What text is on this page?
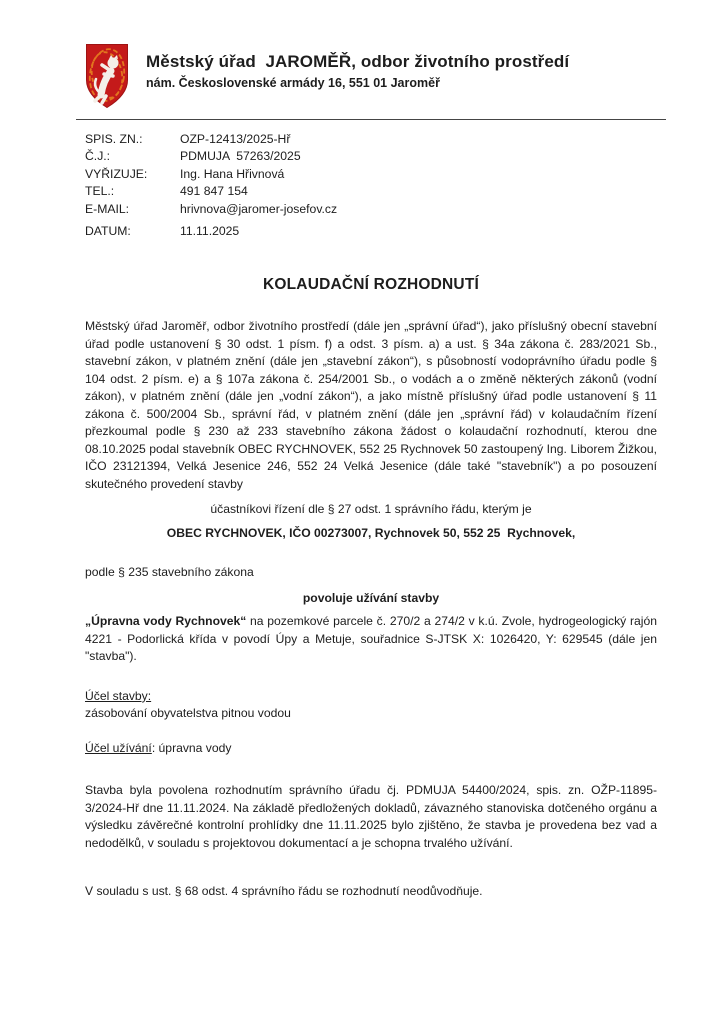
Městský úřad  JAROMĚŘ, odbor životního prostředí
nám. Československé armády 16, 551 01 Jaroměř
SPIS. ZN.:	OZP-12413/2025-Hř
Č.J.:	PDMUJA  57263/2025
VYŘIZUJE:	Ing. Hana Hřivnová
TEL.:	491 847 154
E-MAIL:	hrivnova@jaromer-josefov.cz
DATUM:	11.11.2025
KOLAUDAČNÍ ROZHODNUTÍ

Městský úřad Jaroměř, odbor životního prostředí (dále jen „správní úřad“), jako příslušný obecní stavební úřad podle ustanovení § 30 odst. 1 písm. f) a odst. 3 písm. a) a ust. § 34a zákona č. 283/2021 Sb., stavební zákon, v platném znění (dále jen „stavební zákon“), s působností vodoprávního úřadu podle § 104 odst. 2 písm. e) a § 107a zákona č. 254/2001 Sb., o vodách a o změně některých zákonů (vodní zákon), v platném znění (dále jen „vodní zákon“), a jako místně příslušný úřad podle ustanovení § 11 zákona č. 500/2004 Sb., správní řád, v platném znění (dále jen „správní řád) v kolaudačním řízení přezkoumal podle § 230 až 233 stavebního zákona žádost o kolaudační rozhodnutí, kterou dne 08.10.2025 podal stavebník OBEC RYCHNOVEK, 552 25 Rychnovek 50 zastoupený Ing. Liborem Žižkou, IČO 23121394, Velká Jesenice 246, 552 24 Velká Jesenice (dále také "stavebník") a po posouzení skutečného provedení stavby

účastníkovi řízení dle § 27 odst. 1 správního řádu, kterým je

OBEC RYCHNOVEK, IČO 00273007, Rychnovek 50, 552 25  Rychnovek,

podle § 235 stavebního zákona

povoluje užívání stavby

„Úpravna vody Rychnovek“ na pozemkové parcele č. 270/2 a 274/2 v k.ú. Zvole, hydrogeologický rajón 4221 - Podorlická křída v povodí Úpy a Metuje, souřadnice S-JTSK X: 1026420, Y: 629545 (dále jen "stavba").

Účel stavby:

zásobování obyvatelstva pitnou vodou

Účel užívání: úpravna vody

Stavba byla povolena rozhodnutím správního úřadu čj. PDMUJA 54400/2024, spis. zn. OŽP-11895-3/2024-Hř dne 11.11.2024. Na základě předložených dokladů, závazného stanoviska dotčeného orgánu a výsledku závěrečné kontrolní prohlídky dne 11.11.2025 bylo zjištěno, že stavba je provedena bez vad a nedodělků, v souladu s projektovou dokumentací a je schopna trvalého užívání.

V souladu s ust. § 68 odst. 4 správního řádu se rozhodnutí neodůvodňuje.
